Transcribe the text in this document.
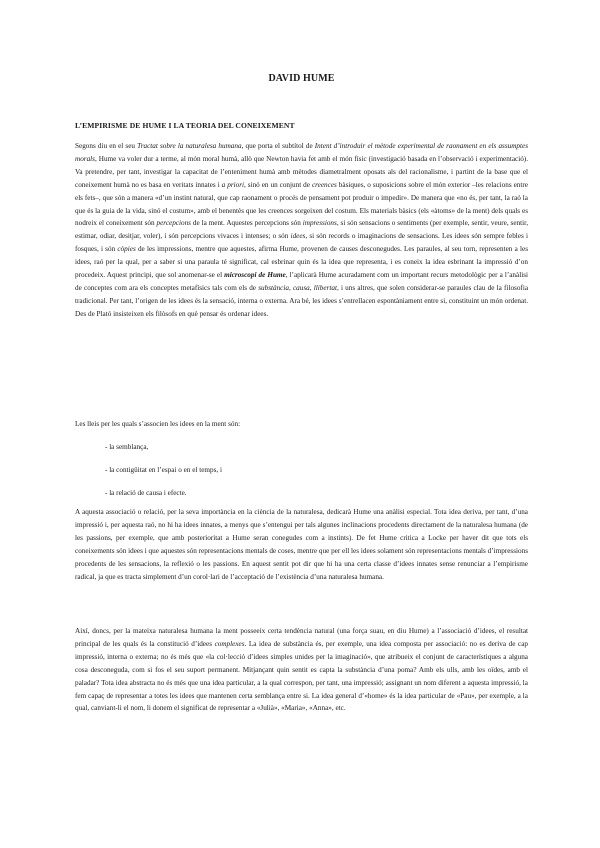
DAVID HUME
L’EMPIRISME DE HUME I LA TEORIA DEL CONEIXEMENT

Segons diu en el seu Tractat sobre la naturalesa humana, que porta el subtítol de Intent d’introduir el mètode experimental de raonament en els assumptes morals, Hume va voler dur a terme, al món moral humà, allò que Newton havia fet amb el món físic (investigació basada en l’observació i experimentació). Va pretendre, per tant, investigar la capacitat de l’enteniment humà amb mètodes diametralment oposats als del racionalisme, i partint de la base que el coneixement humà no es basa en veritats innates i a priori, sinó en un conjunt de creences bàsiques, o suposicions sobre el món exterior –les relacions entre els fets–, que són a manera «d’un instint natural, que cap raonament o procés de pensament pot produir o impedir». De manera que «no és, per tant, la raó la que és la guia de la vida, sinó el costum», amb el benentès que les creences sorgeixen del costum. Els materials bàsics (els «àtoms» de la ment) dels quals es nodreix el coneixement són percepcions de la ment. Aquestes percepcions són impressions, si són sensacions o sentiments (per exemple, sentir, veure, sentir, estimar, odiar, desitjar, voler), i són percepcions vivaces i intenses; o són idees, si són records o imaginacions de sensacions. Les idees són sempre febles i fosques, i són còpies de les impressions, mentre que aquestes, afirma Hume, provenen de causes desconegudes. Les paraules, al seu torn, representen a les idees, raó per la qual, per a saber si una paraula té significat, cal esbrinar quin és la idea que representa, i es coneix la idea esbrinant la impressió d’on procedeix. Aquest principi, que sol anomenar-se el microscopi de Hume, l’aplicarà Hume acuradament com un important recurs metodològic per a l’anàlisi de conceptes com ara els conceptes metafísics tals com els de substància, causa, llibertat, i uns altres, que solen considerar-se paraules clau de la filosofia tradicional. Per tant, l’origen de les idees és la sensació, interna o externa. Ara bé, les idees s’entrellacen espontàniament entre si, constituint un món ordenat. Des de Plató insisteixen els filòsofs en què pensar és ordenar idees.

Les lleis per les quals s’associen les idees en la ment són:

- la semblança,
- la contigüitat en l’espai o en el temps, i
- la relació de causa i efecte.

A aquesta associació o relació, per la seva importància en la ciència de la naturalesa, dedicarà Hume una anàlisi especial. Tota idea deriva, per tant, d’una impressió i, per aquesta raó, no hi ha idees innates, a menys que s’entengui per tals algunes inclinacions procedents directament de la naturalesa humana (de les passions, per exemple, que amb posterioritat a Hume seran conegudes com a instints). De fet Hume critica a Locke per haver dit que tots els coneixements són idees i que aquestes són representacions mentals de coses, mentre que per ell les idees solament són representacions mentals d’impressions procedents de les sensacions, la reflexió o les passions. En aquest sentit pot dir que hi ha una certa classe d’idees innates sense renunciar a l’empirisme radical, ja que es tracta simplement d’un corol·lari de l’acceptació de l’existència d’una naturalesa humana.

Així, doncs, per la mateixa naturalesa humana la ment posseeix certa tendència natural (una força suau, en diu Hume) a l’associació d’idees, el resultat principal de les quals és la constitució d’idees complexes. La idea de substància és, per exemple, una idea composta per associació: no es deriva de cap impressió, interna o externa; no és més que «la col·lecció d’idees simples unides per la imaginació», que atribueix el conjunt de característiques a alguna cosa desconeguda, com si fos el seu suport permanent. Mitjançant quin sentit es capta la substància d’una poma? Amb els ulls, amb les oïdes, amb el paladar? Tota idea abstracta no és més que una idea particular, a la qual correspon, per tant, una impressió; assignant un nom diferent a aquesta impressió, la fem capaç de representar a totes les idees que mantenen certa semblança entre si. La idea general d’«home» és la idea particular de «Pau», per exemple, a la qual, canviant-li el nom, li donem el significat de representar a «Julià», «Maria», «Anna», etc.
